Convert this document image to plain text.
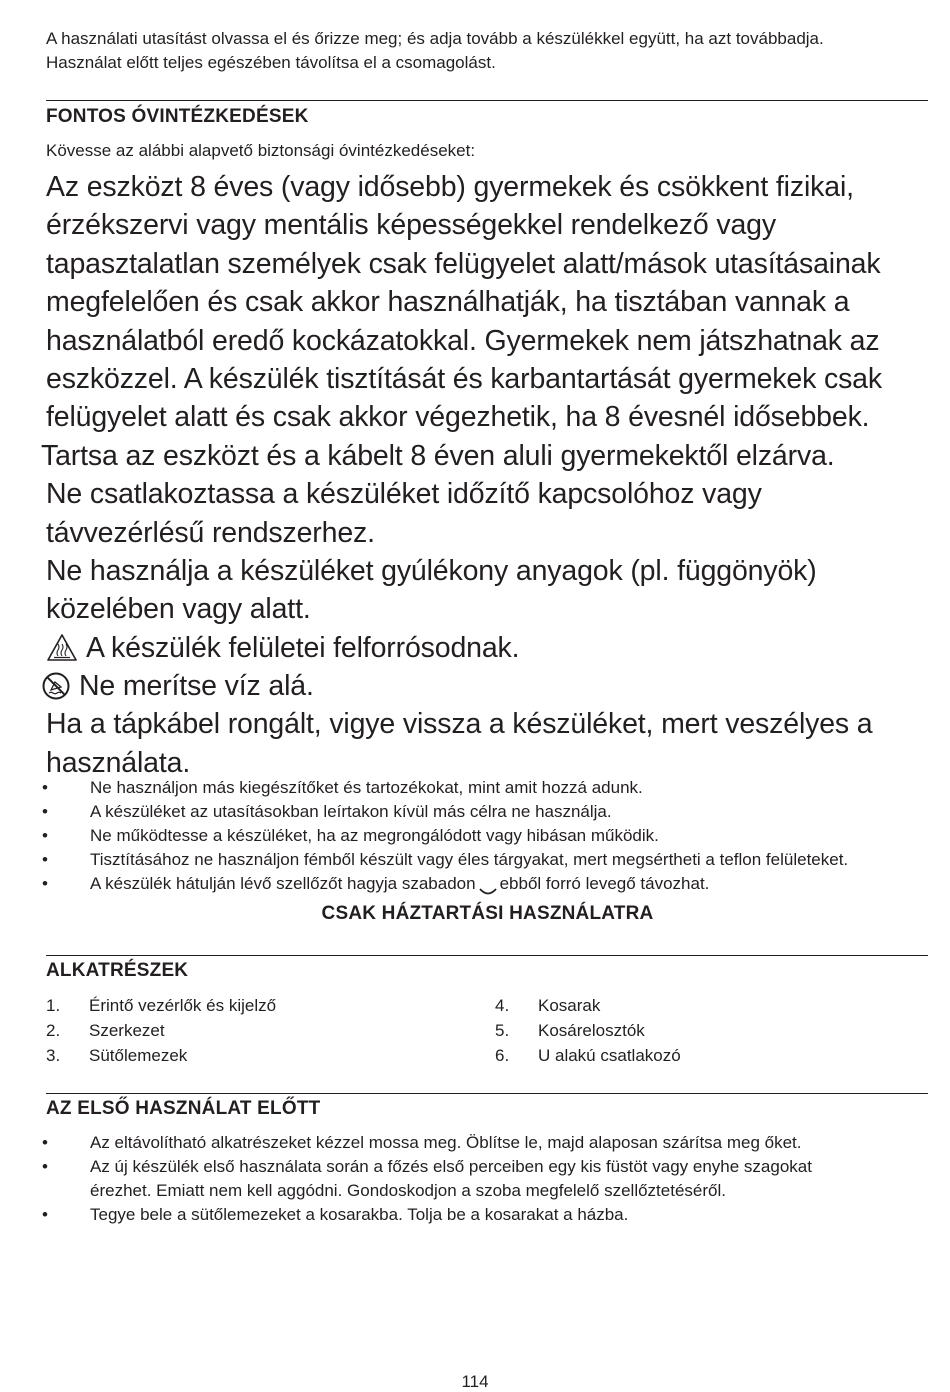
A használati utasítást olvassa el és őrizze meg; és adja tovább a készülékkel együtt, ha azt továbbadja.
Használat előtt teljes egészében távolítsa el a csomagolást.
FONTOS ÓVINTÉZKEDÉSEK
Kövesse az alábbi alapvető biztonsági óvintézkedéseket:
Az eszközt 8 éves (vagy idősebb) gyermekek és csökkent fizikai,
érzékszervi vagy mentális képességekkel rendelkező vagy
tapasztalatlan személyek csak felügyelet alatt/mások utasításainak
megfelelően és csak akkor használhatják, ha tisztában vannak a
használatból eredő kockázatokkal. Gyermekek nem játszhatnak az
eszközzel. A készülék tisztítását és karbantartását gyermekek csak
felügyelet alatt és csak akkor végezhetik, ha 8 évesnél idősebbek.
Tartsa az eszközt és a kábelt 8 éven aluli gyermekektől elzárva.
Ne csatlakoztassa a készüléket időzítő kapcsolóhoz vagy
távvezérlésű rendszerhez.
Ne használja a készüléket gyúlékony anyagok (pl. függönyök)
közelében vagy alatt.
A készülék felületei felforrósodnak.
Ne merítse víz alá.
Ha a tápkábel rongált, vigye vissza a készüléket, mert veszélyes a
használata.
•	Ne használjon más kiegészítőket és tartozékokat, mint amit hozzá adunk.
•	A készüléket az utasításokban leírtakon kívül más célra ne használja.
•	Ne működtesse a készüléket, ha az megrongálódott vagy hibásan működik.
•	Tisztításához ne használjon fémből készült vagy éles tárgyakat, mert megsértheti a teflon felületeket.
•	A készülék hátulján lévő szellőzőt hagyja szabadon ebből forró levegő távozhat.
CSAK HÁZTARTÁSI HASZNÁLATRA
ALKATRÉSZEK
1.	Érintő vezérlők és kijelző
2.	Szerkezet
3.	Sütőlemezek
4.	Kosarak
5.	Kosárelosztók
6.	U alakú csatlakozó
AZ ELSŐ HASZNÁLAT ELŐTT
•	Az eltávolítható alkatrészeket kézzel mossa meg. Öblítse le, majd alaposan szárítsa meg őket.
•	Az új készülék első használata során a főzés első perceiben egy kis füstöt vagy enyhe szagokat
érezhet. Emiatt nem kell aggódni. Gondoskodjon a szoba megfelelő szellőztetéséről.
•	Tegye bele a sütőlemezeket a kosarakba. Tolja be a kosarakat a házba.
114
